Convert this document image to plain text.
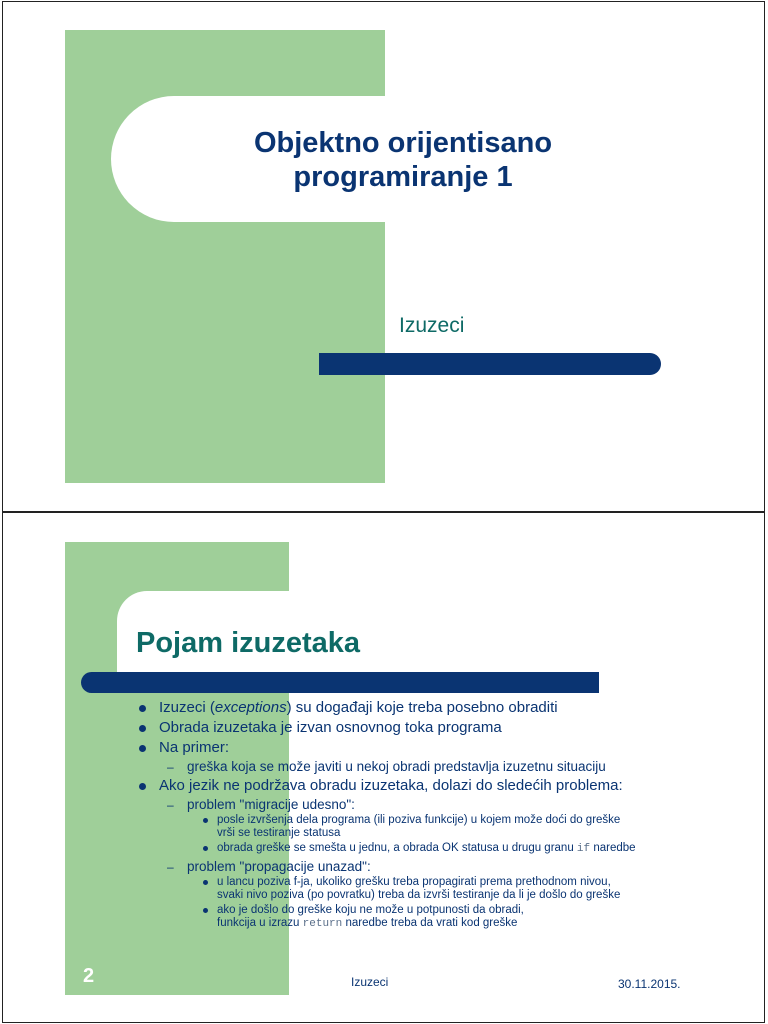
Objektno orijentisano
programiranje 1
Izuzeci
Pojam izuzetaka
Izuzeci (exceptions) su događaji koje treba posebno obraditi
Obrada izuzetaka je izvan osnovnog toka programa
Na primer:
– greška koja se može javiti u nekoj obradi predstavlja izuzetnu situaciju
Ako jezik ne podržava obradu izuzetaka, dolazi do sledećih problema:
– problem "migracije udesno":
posle izvršenja dela programa (ili poziva funkcije) u kojem može doći do greške
vrši se testiranje statusa
obrada greške se smešta u jednu, a obrada OK statusa u drugu granu if naredbe
– problem "propagacije unazad":
u lancu poziva f-ja, ukoliko grešku treba propagirati prema prethodnom nivou,
svaki nivo poziva (po povratku) treba da izvrši testiranje da li je došlo do greške
ako je došlo do greške koju ne može u potpunosti da obradi,
funkcija u izrazu return naredbe treba da vrati kod greške
2	Izuzeci	30.11.2015.
